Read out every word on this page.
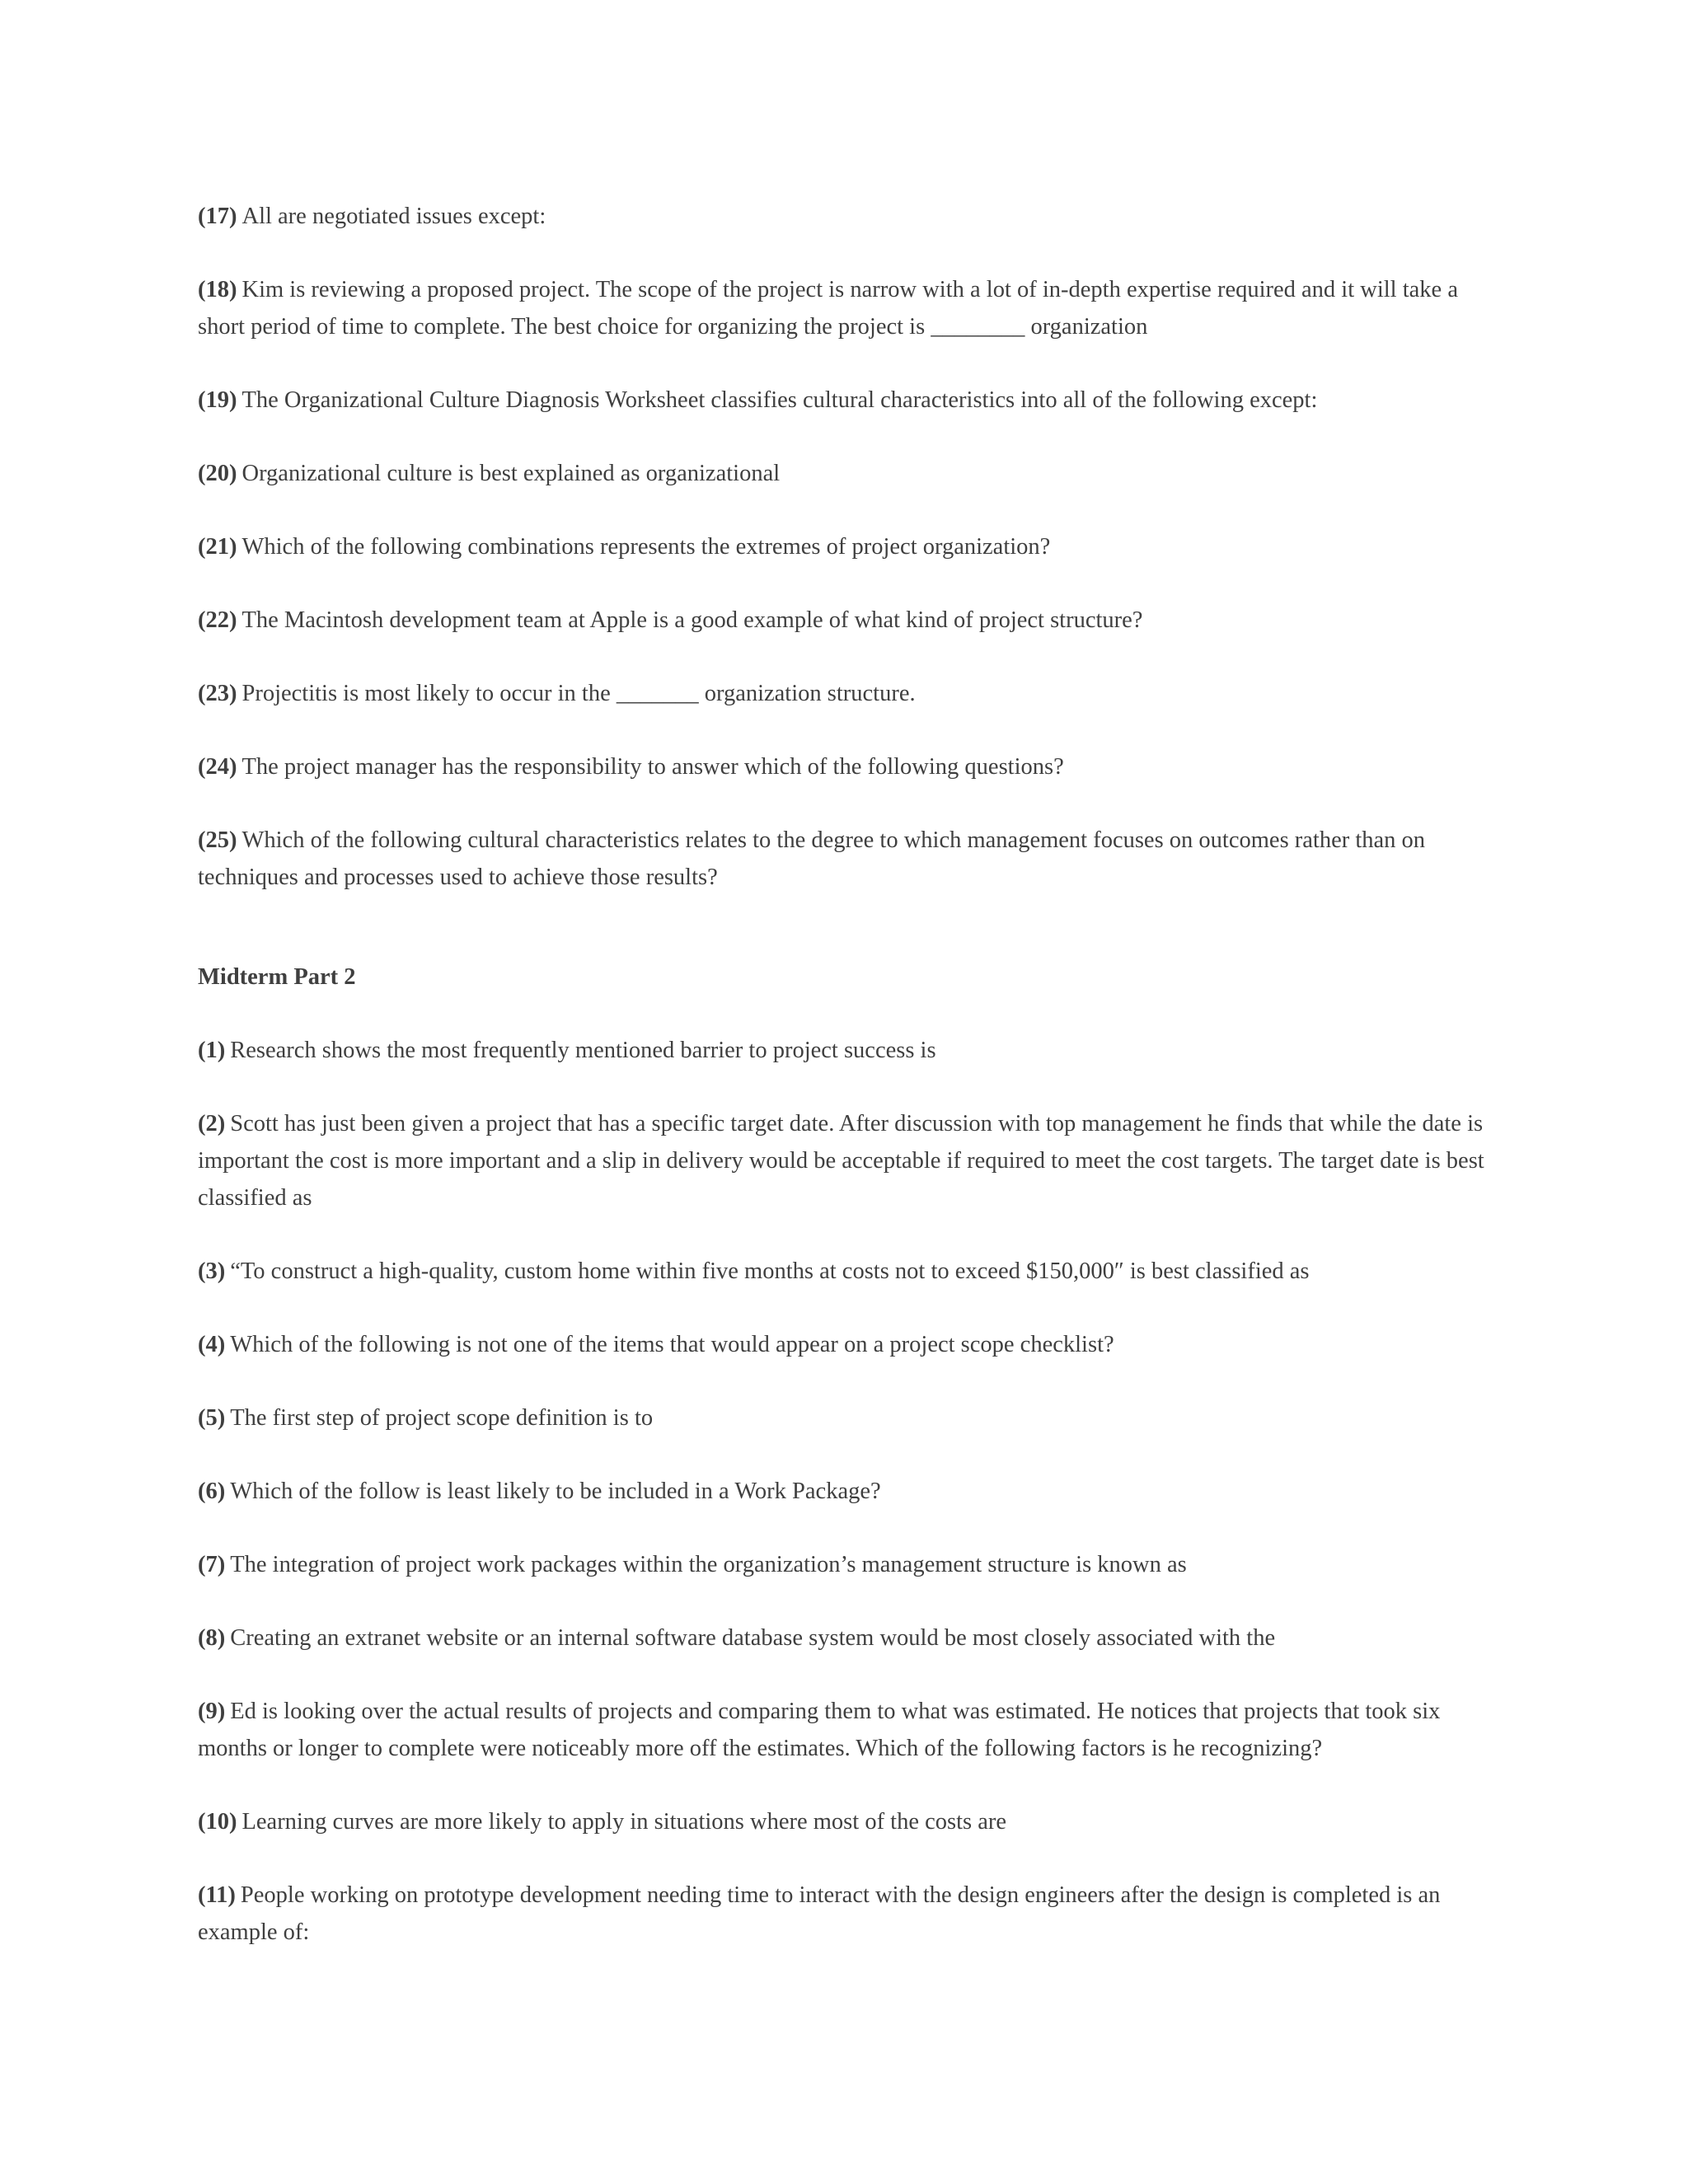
(17) All are negotiated issues except:
(18) Kim is reviewing a proposed project. The scope of the project is narrow with a lot of in-depth expertise required and it will take a short period of time to complete. The best choice for organizing the project is ________ organization
(19) The Organizational Culture Diagnosis Worksheet classifies cultural characteristics into all of the following except:
(20) Organizational culture is best explained as organizational
(21) Which of the following combinations represents the extremes of project organization?
(22) The Macintosh development team at Apple is a good example of what kind of project structure?
(23) Projectitis is most likely to occur in the _______ organization structure.
(24) The project manager has the responsibility to answer which of the following questions?
(25) Which of the following cultural characteristics relates to the degree to which management focuses on outcomes rather than on techniques and processes used to achieve those results?
Midterm Part 2
(1) Research shows the most frequently mentioned barrier to project success is
(2) Scott has just been given a project that has a specific target date. After discussion with top management he finds that while the date is important the cost is more important and a slip in delivery would be acceptable if required to meet the cost targets. The target date is best classified as
(3) “To construct a high-quality, custom home within five months at costs not to exceed $150,000″ is best classified as
(4) Which of the following is not one of the items that would appear on a project scope checklist?
(5) The first step of project scope definition is to
(6) Which of the follow is least likely to be included in a Work Package?
(7) The integration of project work packages within the organization’s management structure is known as
(8) Creating an extranet website or an internal software database system would be most closely associated with the
(9) Ed is looking over the actual results of projects and comparing them to what was estimated. He notices that projects that took six months or longer to complete were noticeably more off the estimates. Which of the following factors is he recognizing?
(10) Learning curves are more likely to apply in situations where most of the costs are
(11) People working on prototype development needing time to interact with the design engineers after the design is completed is an example of:
